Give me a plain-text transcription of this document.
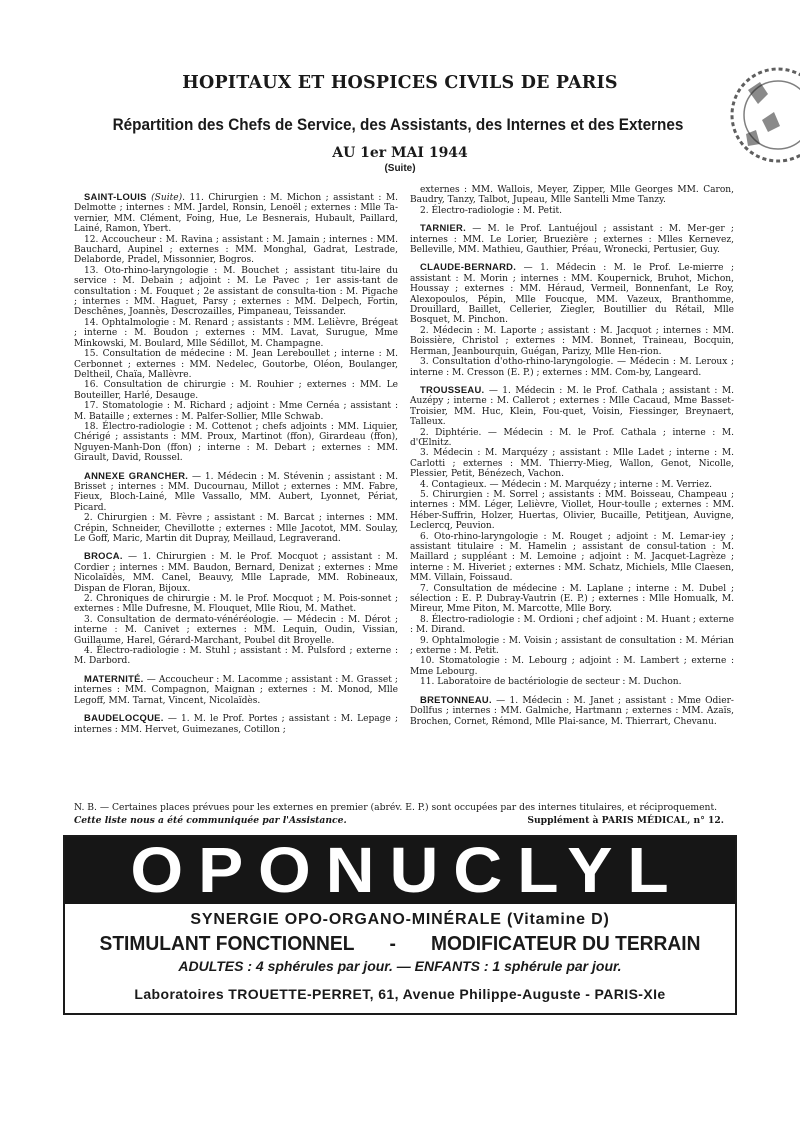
HOPITAUX ET HOSPICES CIVILS DE PARIS
Répartition des Chefs de Service, des Assistants, des Internes et des Externes
AU 1er MAI 1944
(Suite)

SAINT-LOUIS (Suite). 11. Chirurgien : M. Michon ; assistant : M. Delmotte ; internes : MM. Jardel, Ronsin, Lenoël ; externes : Mlle Ta-vernier, MM. Clément, Foing, Hue, Le Besnerais, Hubault, Paillard, Lainé, Ramon, Ybert.

12. Accoucheur : M. Ravina ; assistant : M. Jamain ; internes : MM. Bauchard, Aupinel ; externes : MM. Monghal, Gadrat, Lestrade, Delaborde, Pradel, Missonnier, Bogros.

13. Oto-rhino-laryngologie : M. Bouchet ; assistant titu-laire du service : M. Debain ; adjoint : M. Le Pavec ; 1er assis-tant de consultation : M. Fouquet ; 2e assistant de consulta-tion : M. Pigache ; internes : MM. Haguet, Parsy ; externes : MM. Delpech, Fortin, Deschênes, Joannès, Descrozailles, Pimpaneau, Teissander.

14. Ophtalmologie : M. Renard ; assistants : MM. Lelièvre, Brégeat ; interne : M. Boudon ; externes : MM. Lavat, Surugue, Mme Minkowski, M. Boulard, Mlle Sédillot, M. Champagne.

15. Consultation de médecine : M. Jean Lereboullet ; interne : M. Cerbonnet ; externes : MM. Nedelec, Goutorbe, Oléon, Boulanger, Deltheil, Chaïa, Mallèvre.

16. Consultation de chirurgie : M. Rouhier ; externes : MM. Le Bouteiller, Harlé, Desauge.

17. Stomatologie : M. Richard ; adjoint : Mme Cernéa ; assistant : M. Bataille ; externes : M. Palfer-Sollier, Mlle Schwab.

18. Électro-radiologie : M. Cottenot ; chefs adjoints : MM. Liquier, Chérigé ; assistants : MM. Proux, Martinot (ffon), Girardeau (ffon), Nguyen-Manh-Don (ffon) ; interne : M. Debart ; externes : MM. Girault, David, Roussel.

ANNEXE GRANCHER. — 1. Médecin : M. Stévenin ; assistant : M. Brisset ; internes : MM. Ducournau, Millot ; externes : MM. Fabre, Fieux, Bloch-Lainé, Mlle Vassallo, MM. Aubert, Lyonnet, Périat, Picard.

2. Chirurgien : M. Fèvre ; assistant : M. Barcat ; internes : MM. Crépin, Schneider, Chevillotte ; externes : Mlle Jacotot, MM. Soulay, Le Goff, Maric, Martin dit Dupray, Meillaud, Legraverand.

BROCA. — 1. Chirurgien : M. le Prof. Mocquot ; assistant : M. Cordier ; internes : MM. Baudon, Bernard, Denizat ; externes : Mme Nicolaïdès, MM. Canel, Beauvy, Mlle Laprade, MM. Robineaux, Dispan de Floran, Bijoux.

2. Chroniques de chirurgie : M. le Prof. Mocquot ; M. Pois-sonnet ; externes : Mlle Dufresne, M. Flouquet, Mlle Riou, M. Mathet.

3. Consultation de dermato-vénéréologie. — Médecin : M. Dérot ; interne : M. Canivet ; externes : MM. Lequin, Oudin, Vissian, Guillaume, Harel, Gérard-Marchant, Poubel dit Broyelle.

4. Électro-radiologie : M. Stuhl ; assistant : M. Pulsford ; externe : M. Darbord.

MATERNITÉ. — Accoucheur : M. Lacomme ; assistant : M. Grasset ; internes : MM. Compagnon, Maignan ; externes : M. Monod, Mlle Legoff, MM. Tarnat, Vincent, Nicolaïdès.

BAUDELOCQUE. — 1. M. le Prof. Portes ; assistant : M. Lepage ; internes : MM. Hervet, Guimezanes, Cotillon ;

externes : MM. Wallois, Meyer, Zipper, Mlle Georges MM. Caron, Baudry, Tanzy, Talbot, Jupeau, Mlle Santelli Mme Tanzy.

2. Électro-radiologie : M. Petit.

TARNIER. — M. le Prof. Lantuéjoul ; assistant : M. Mer-ger ; internes : MM. Le Lorier, Bruezière ; externes : Mlles Kernevez, Belleville, MM. Mathieu, Gauthier, Préau, Wronecki, Pertusier, Guy.

CLAUDE-BERNARD. — 1. Médecin : M. le Prof. Le-mierre ; assistant : M. Morin ; internes : MM. Koupernick, Bruhot, Michon, Houssay ; externes : MM. Héraud, Vermeil, Bonnenfant, Le Roy, Alexopoulos, Pépin, Mlle Foucque, MM. Vazeux, Branthomme, Drouillard, Baillet, Cellerier, Ziegler, Boutillier du Rétail, Mlle Bosquet, M. Pinchon.

2. Médecin : M. Laporte ; assistant : M. Jacquot ; internes : MM. Boissière, Christol ; externes : MM. Bonnet, Traineau, Bocquin, Herman, Jeanbourquin, Guégan, Parizy, Mlle Hen-rion.

3. Consultation d'otho-rhino-laryngologie. — Médecin : M. Leroux ; interne : M. Cresson (E. P.) ; externes : MM. Com-by, Langeard.

TROUSSEAU. — 1. Médecin : M. le Prof. Cathala ; assistant : M. Auzépy ; interne : M. Callerot ; externes : Mlle Cacaud, Mme Basset-Troisier, MM. Huc, Klein, Fou-quet, Voisin, Fiessinger, Breynaert, Talleux.

2. Diphtérie. — Médecin : M. le Prof. Cathala ; interne : M. d'Œlnitz.

3. Médecin : M. Marquézy ; assistant : Mlle Ladet ; interne : M. Carlotti ; externes : MM. Thierry-Mieg, Wallon, Genot, Nicolle, Plessier, Petit, Bénézech, Vachon.

4. Contagieux. — Médecin : M. Marquézy ; interne : M. Verriez.

5. Chirurgien : M. Sorrel ; assistants : MM. Boisseau, Champeau ; internes : MM. Léger, Lelièvre, Viollet, Hour-toulle ; externes : MM. Héber-Suffrin, Holzer, Huertas, Olivier, Bucaille, Petitjean, Auvigne, Leclercq, Peuvion.

6. Oto-rhino-laryngologie : M. Rouget ; adjoint : M. Lemar-iey ; assistant titulaire : M. Hamelin ; assistant de consul-tation : M. Maillard ; suppléant : M. Lemoine ; adjoint : M. Jacquet-Lagrèze ; interne : M. Hiveriet ; externes : MM. Schatz, Michiels, Mlle Claesen, MM. Villain, Foissaud.

7. Consultation de médecine : M. Laplane ; interne : M. Dubel ; sélection : E. P. Dubray-Vautrin (E. P.) ; externes : Mlle Homualk, M. Mireur, Mme Piton, M. Marcotte, Mlle Bory.

8. Électro-radiologie : M. Ordioni ; chef adjoint : M. Huant ; externe : M. Dirand.

9. Ophtalmologie : M. Voisin ; assistant de consultation : M. Mérian ; externe : M. Petit.

10. Stomatologie : M. Lebourg ; adjoint : M. Lambert ; externe : Mme Lebourg.

11. Laboratoire de bactériologie de secteur : M. Duchon.

BRETONNEAU. — 1. Médecin : M. Janet ; assistant : Mme Odier-Dollfus ; internes : MM. Galmiche, Hartmann ; externes : MM. Azaïs, Brochen, Cornet, Rémond, Mlle Plai-sance, M. Thierrart, Chevanu.

N. B. — Certaines places prévues pour les externes en premier (abrév. E. P.) sont occupées par des internes titulaires, et réciproquement.
Cette liste nous a été communiquée par l'Assistance.	Supplément à PARIS MÉDICAL, n° 12.
OPONUCLYL
SYNERGIE OPO-ORGANO-MINÉRALE (Vitamine D)
STIMULANT FONCTIONNEL - MODIFICATEUR DU TERRAIN
ADULTES : 4 sphérules par jour. — ENFANTS : 1 sphérule par jour.
Laboratoires TROUETTE-PERRET, 61, Avenue Philippe-Auguste - PARIS-XIe
